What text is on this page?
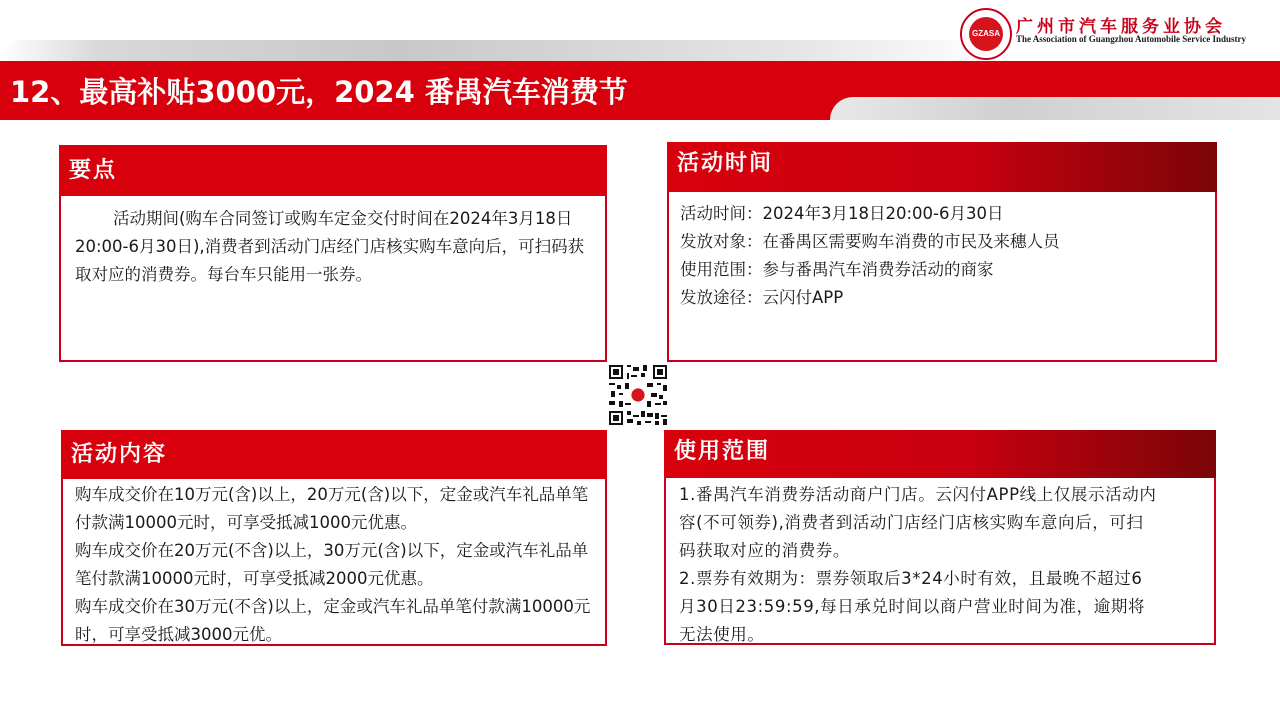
12、最高补贴3000元，2024 番禺汽车消费节
GZASA 广州市汽车服务业协会
The Association of Guangzhou Automobile Service Industry
要点

活动期间(购车合同签订或购车定金交付时间在2024年3月18日20:00-6月30日),消费者到活动门店经门店核实购车意向后，可扫码获取对应的消费券。每台车只能用一张券。

活动时间

活动时间：2024年3月18日20:00-6月30日

发放对象：在番禺区需要购车消费的市民及来穗人员

使用范围：参与番禺汽车消费券活动的商家

发放途径：云闪付APP

活动内容

购车成交价在10万元(含)以上，20万元(含)以下，定金或汽车礼品单笔付款满10000元时，可享受抵减1000元优惠。

购车成交价在20万元(不含)以上，30万元(含)以下，定金或汽车礼品单笔付款满10000元时，可享受抵减2000元优惠。

购车成交价在30万元(不含)以上，定金或汽车礼品单笔付款满10000元时，可享受抵减3000元优。

使用范围

1.番禺汽车消费券活动商户门店。云闪付APP线上仅展示活动内容(不可领券),消费者到活动门店经门店核实购车意向后，可扫码获取对应的消费券。

2.票券有效期为：票券领取后3*24小时有效，且最晚不超过6月30日23:59:59,每日承兑时间以商户营业时间为准，逾期将无法使用。
